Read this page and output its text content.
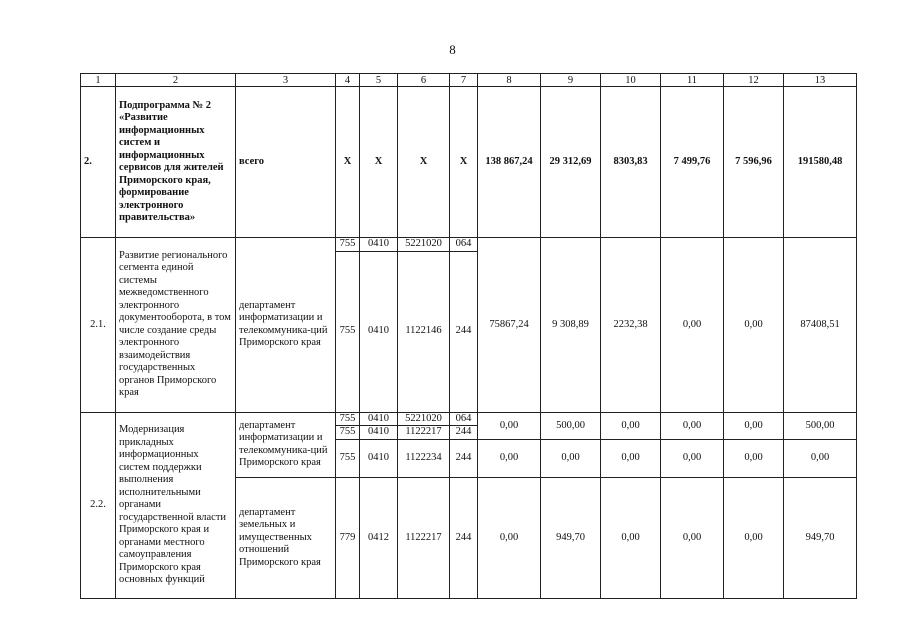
8
1	2	3	4	5	6	7	8	9	10	11	12	13
2.	Подпрограмма № 2 «Развитие информационных систем и информационных сервисов для жителей Приморского края, формирование электронного правительства»	всего	Х	Х	Х	Х	138 867,24	29 312,69	8303,83	7 499,76	7 596,96	191580,48
2.1.	Развитие регионального сегмента единой системы межведомственного электронного документооборота, в том числе создание среды электронного взаимодействия государственных органов Приморского края	департамент информатизации и телекоммуника-ций Приморского края	755	0410	5221020	064	75867,24	9 308,89	2232,38	0,00	0,00	87408,51
			755	0410	1122146	244						
2.2.	Модернизация прикладных информационных систем поддержки выполнения исполнительными органами государственной власти Приморского края и органами местного самоуправления Приморского края основных функций	департамент информатизации и телекоммуника-ций Приморского края	755	0410	5221020	064	0,00	500,00	0,00	0,00	0,00	500,00
			755	0410	1122217	244						
			755	0410	1122234	244	0,00	0,00	0,00	0,00	0,00	0,00
		департамент земельных и имущественных отношений Приморского края	779	0412	1122217	244	0,00	949,70	0,00	0,00	0,00	949,70
